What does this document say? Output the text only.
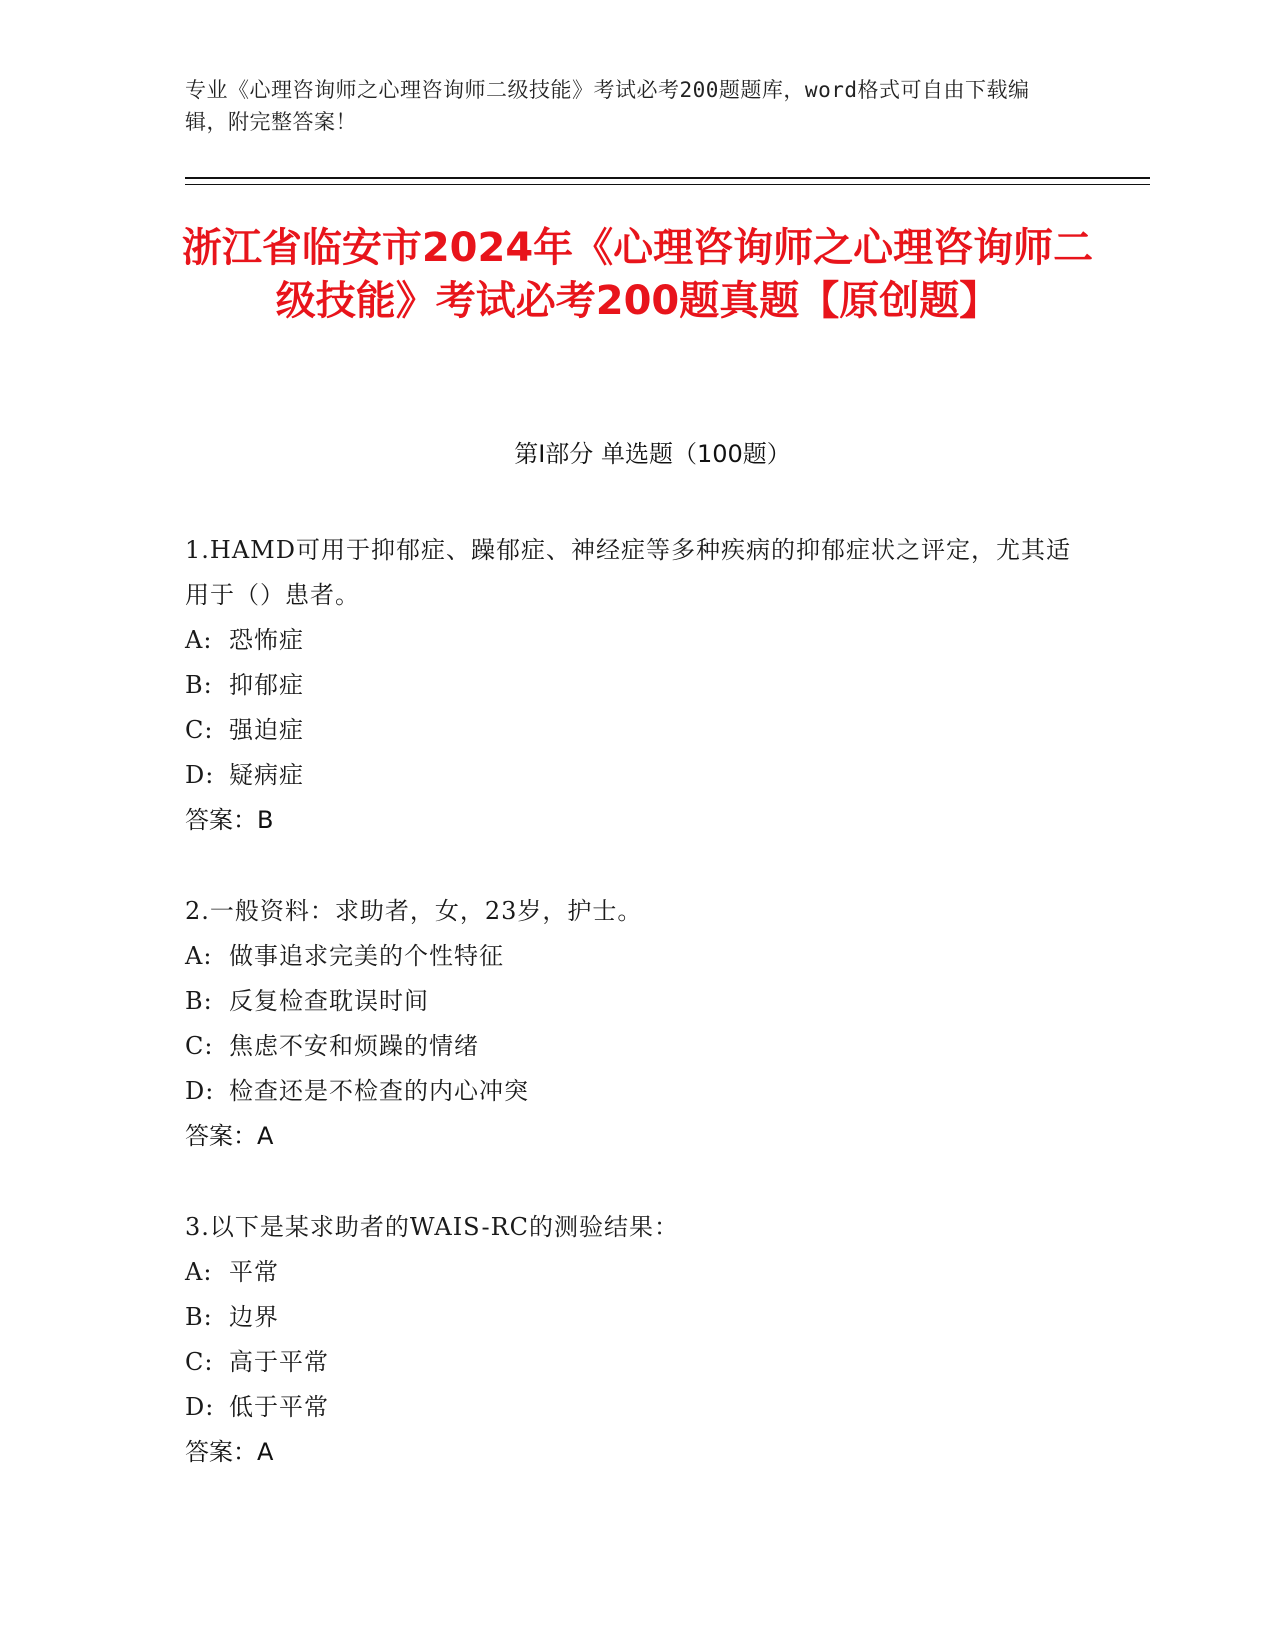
专业《心理咨询师之心理咨询师二级技能》考试必考200题题库，word格式可自由下载编辑，附完整答案！
浙江省临安市2024年《心理咨询师之心理咨询师二级技能》考试必考200题真题【原创题】
第I部分 单选题（100题）
1.HAMD可用于抑郁症、躁郁症、神经症等多种疾病的抑郁症状之评定，尤其适用于（）患者。
A: 恐怖症
B: 抑郁症
C: 强迫症
D: 疑病症
答案：B
2.一般资料：求助者，女，23岁，护士。
A: 做事追求完美的个性特征
B: 反复检查耽误时间
C: 焦虑不安和烦躁的情绪
D: 检查还是不检查的内心冲突
答案：A
3.以下是某求助者的WAIS-RC的测验结果：
A: 平常
B: 边界
C: 高于平常
D: 低于平常
答案：A
